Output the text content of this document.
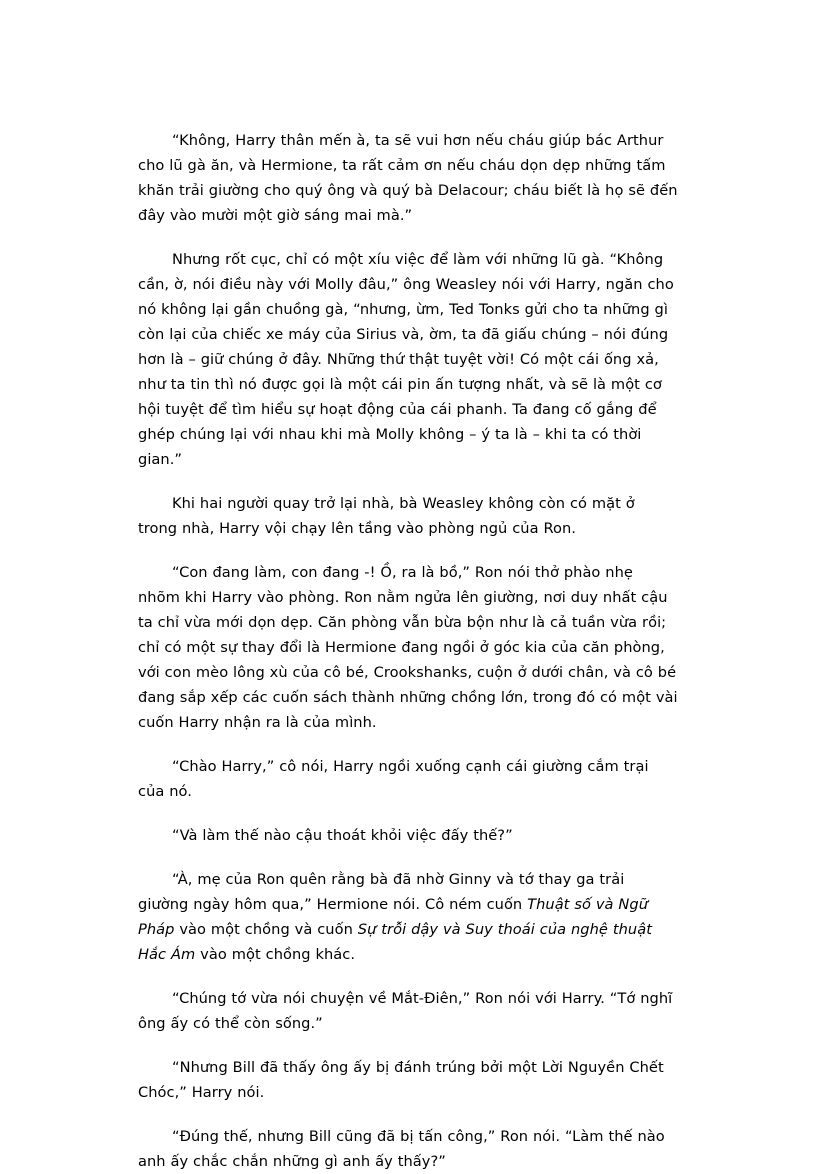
“Không, Harry thân mến à, ta sẽ vui hơn nếu cháu giúp bác Arthur cho lũ gà ăn, và Hermione, ta rất cảm ơn nếu cháu dọn dẹp những tấm khăn trải giường cho quý ông và quý bà Delacour; cháu biết là họ sẽ đến đây vào mười một giờ sáng mai mà.”

Nhưng rốt cục, chỉ có một xíu việc để làm với những lũ gà. “Không cần, ờ, nói điều này với Molly đâu,” ông Weasley nói với Harry, ngăn cho nó không lại gần chuồng gà, “nhưng, ừm, Ted Tonks gửi cho ta những gì còn lại của chiếc xe máy của Sirius và, ờm, ta đã giấu chúng – nói đúng hơn là – giữ chúng ở đây. Những thứ thật tuyệt vời! Có một cái ống xả, như ta tin thì nó được gọi là một cái pin ấn tượng nhất, và sẽ là một cơ hội tuyệt để tìm hiểu sự hoạt động của cái phanh. Ta đang cố gắng để ghép chúng lại với nhau khi mà Molly không – ý ta là – khi ta có thời gian.”

Khi hai người quay trở lại nhà, bà Weasley không còn có mặt ở trong nhà, Harry vội chạy lên tầng vào phòng ngủ của Ron.

“Con đang làm, con đang -! Ồ, ra là bồ,” Ron nói thở phào nhẹ nhõm khi Harry vào phòng. Ron nằm ngửa lên giường, nơi duy nhất cậu ta chỉ vừa mới dọn dẹp. Căn phòng vẫn bừa bộn như là cả tuần vừa rồi; chỉ có một sự thay đổi là Hermione đang ngồi ở góc kia của căn phòng, với con mèo lông xù của cô bé, Crookshanks, cuộn ở dưới chân, và cô bé đang sắp xếp các cuốn sách thành những chồng lớn, trong đó có một vài cuốn Harry nhận ra là của mình.

“Chào Harry,” cô nói, Harry ngồi xuống cạnh cái giường cắm trại của nó.

“Và làm thế nào cậu thoát khỏi việc đấy thế?”

“À, mẹ của Ron quên rằng bà đã nhờ Ginny và tớ thay ga trải giường ngày hôm qua,” Hermione nói. Cô ném cuốn Thuật số và Ngữ Pháp vào một chồng và cuốn Sự trỗi dậy và Suy thoái của nghệ thuật Hắc Ám vào một chồng khác.

“Chúng tớ vừa nói chuyện về Mắt-Điên,” Ron nói với Harry. “Tớ nghĩ ông ấy có thể còn sống.”

“Nhưng Bill đã thấy ông ấy bị đánh trúng bởi một Lời Nguyền Chết Chóc,” Harry nói.

“Đúng thế, nhưng Bill cũng đã bị tấn công,” Ron nói. “Làm thế nào anh ấy chắc chắn những gì anh ấy thấy?”
